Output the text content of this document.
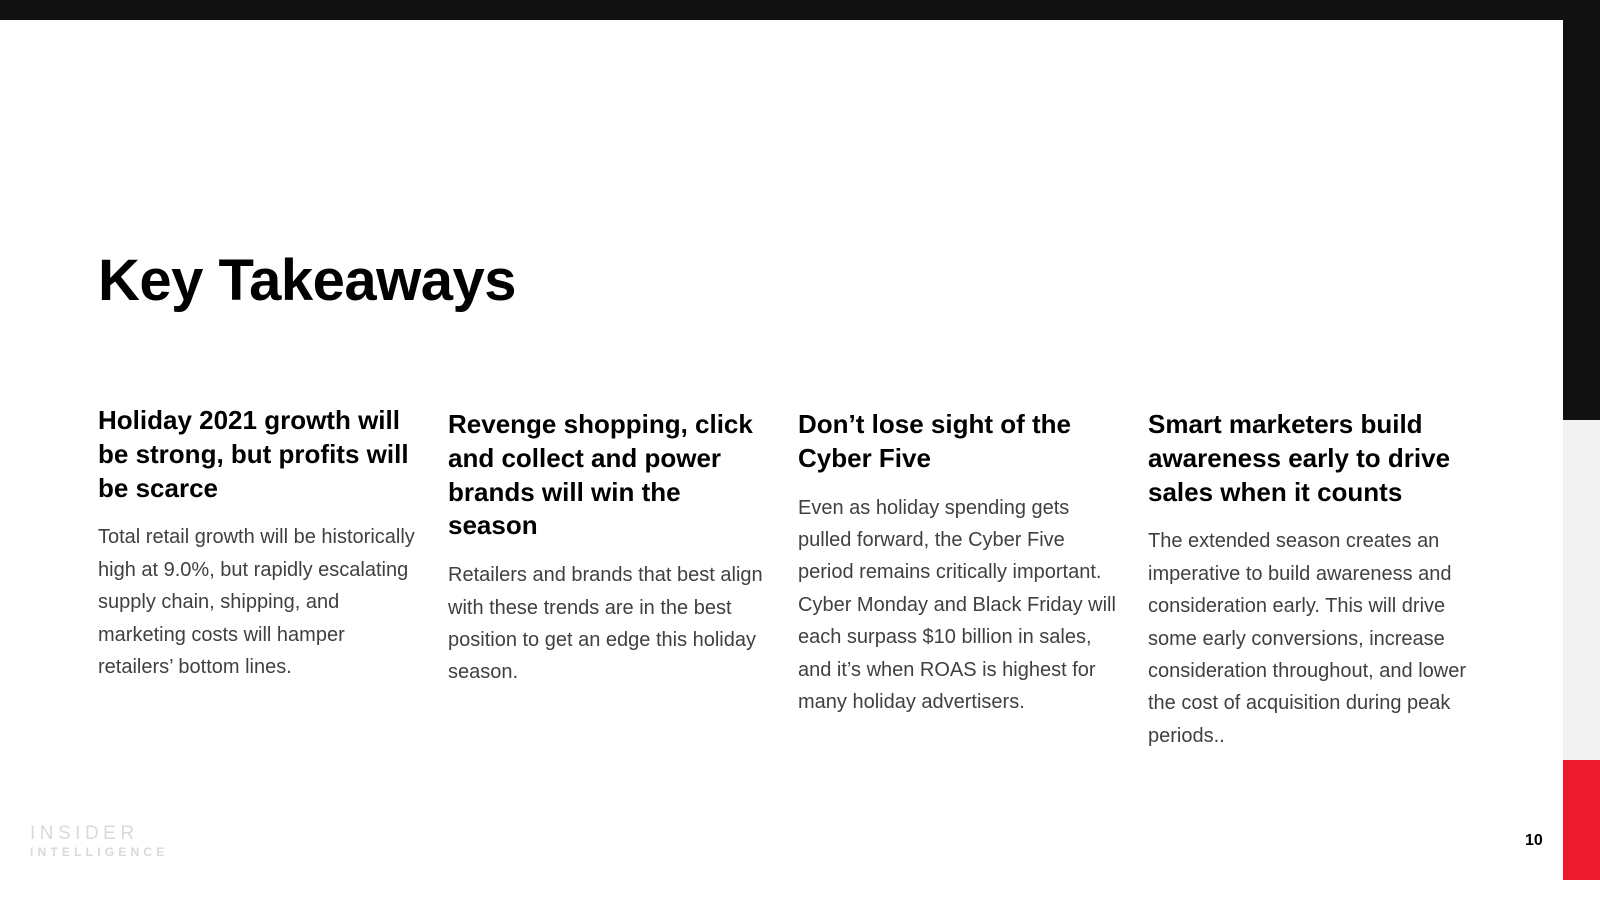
Key Takeaways
Holiday 2021 growth will be strong, but profits will be scarce

Total retail growth will be historically high at 9.0%, but rapidly escalating supply chain, shipping, and marketing costs will hamper retailers’ bottom lines.

Revenge shopping, click and collect and power brands will win the season

Retailers and brands that best align with these trends are in the best position to get an edge this holiday season.

Don’t lose sight of the Cyber Five

Even as holiday spending gets pulled forward, the Cyber Five period remains critically important. Cyber Monday and Black Friday will each surpass $10 billion in sales, and it’s when ROAS is highest for many holiday advertisers.

Smart marketers build awareness early to drive sales when it counts

The extended season creates an imperative to build awareness and consideration early. This will drive some early conversions, increase consideration throughout, and lower the cost of acquisition during peak periods..

INSIDER
INTELLIGENCE
10
